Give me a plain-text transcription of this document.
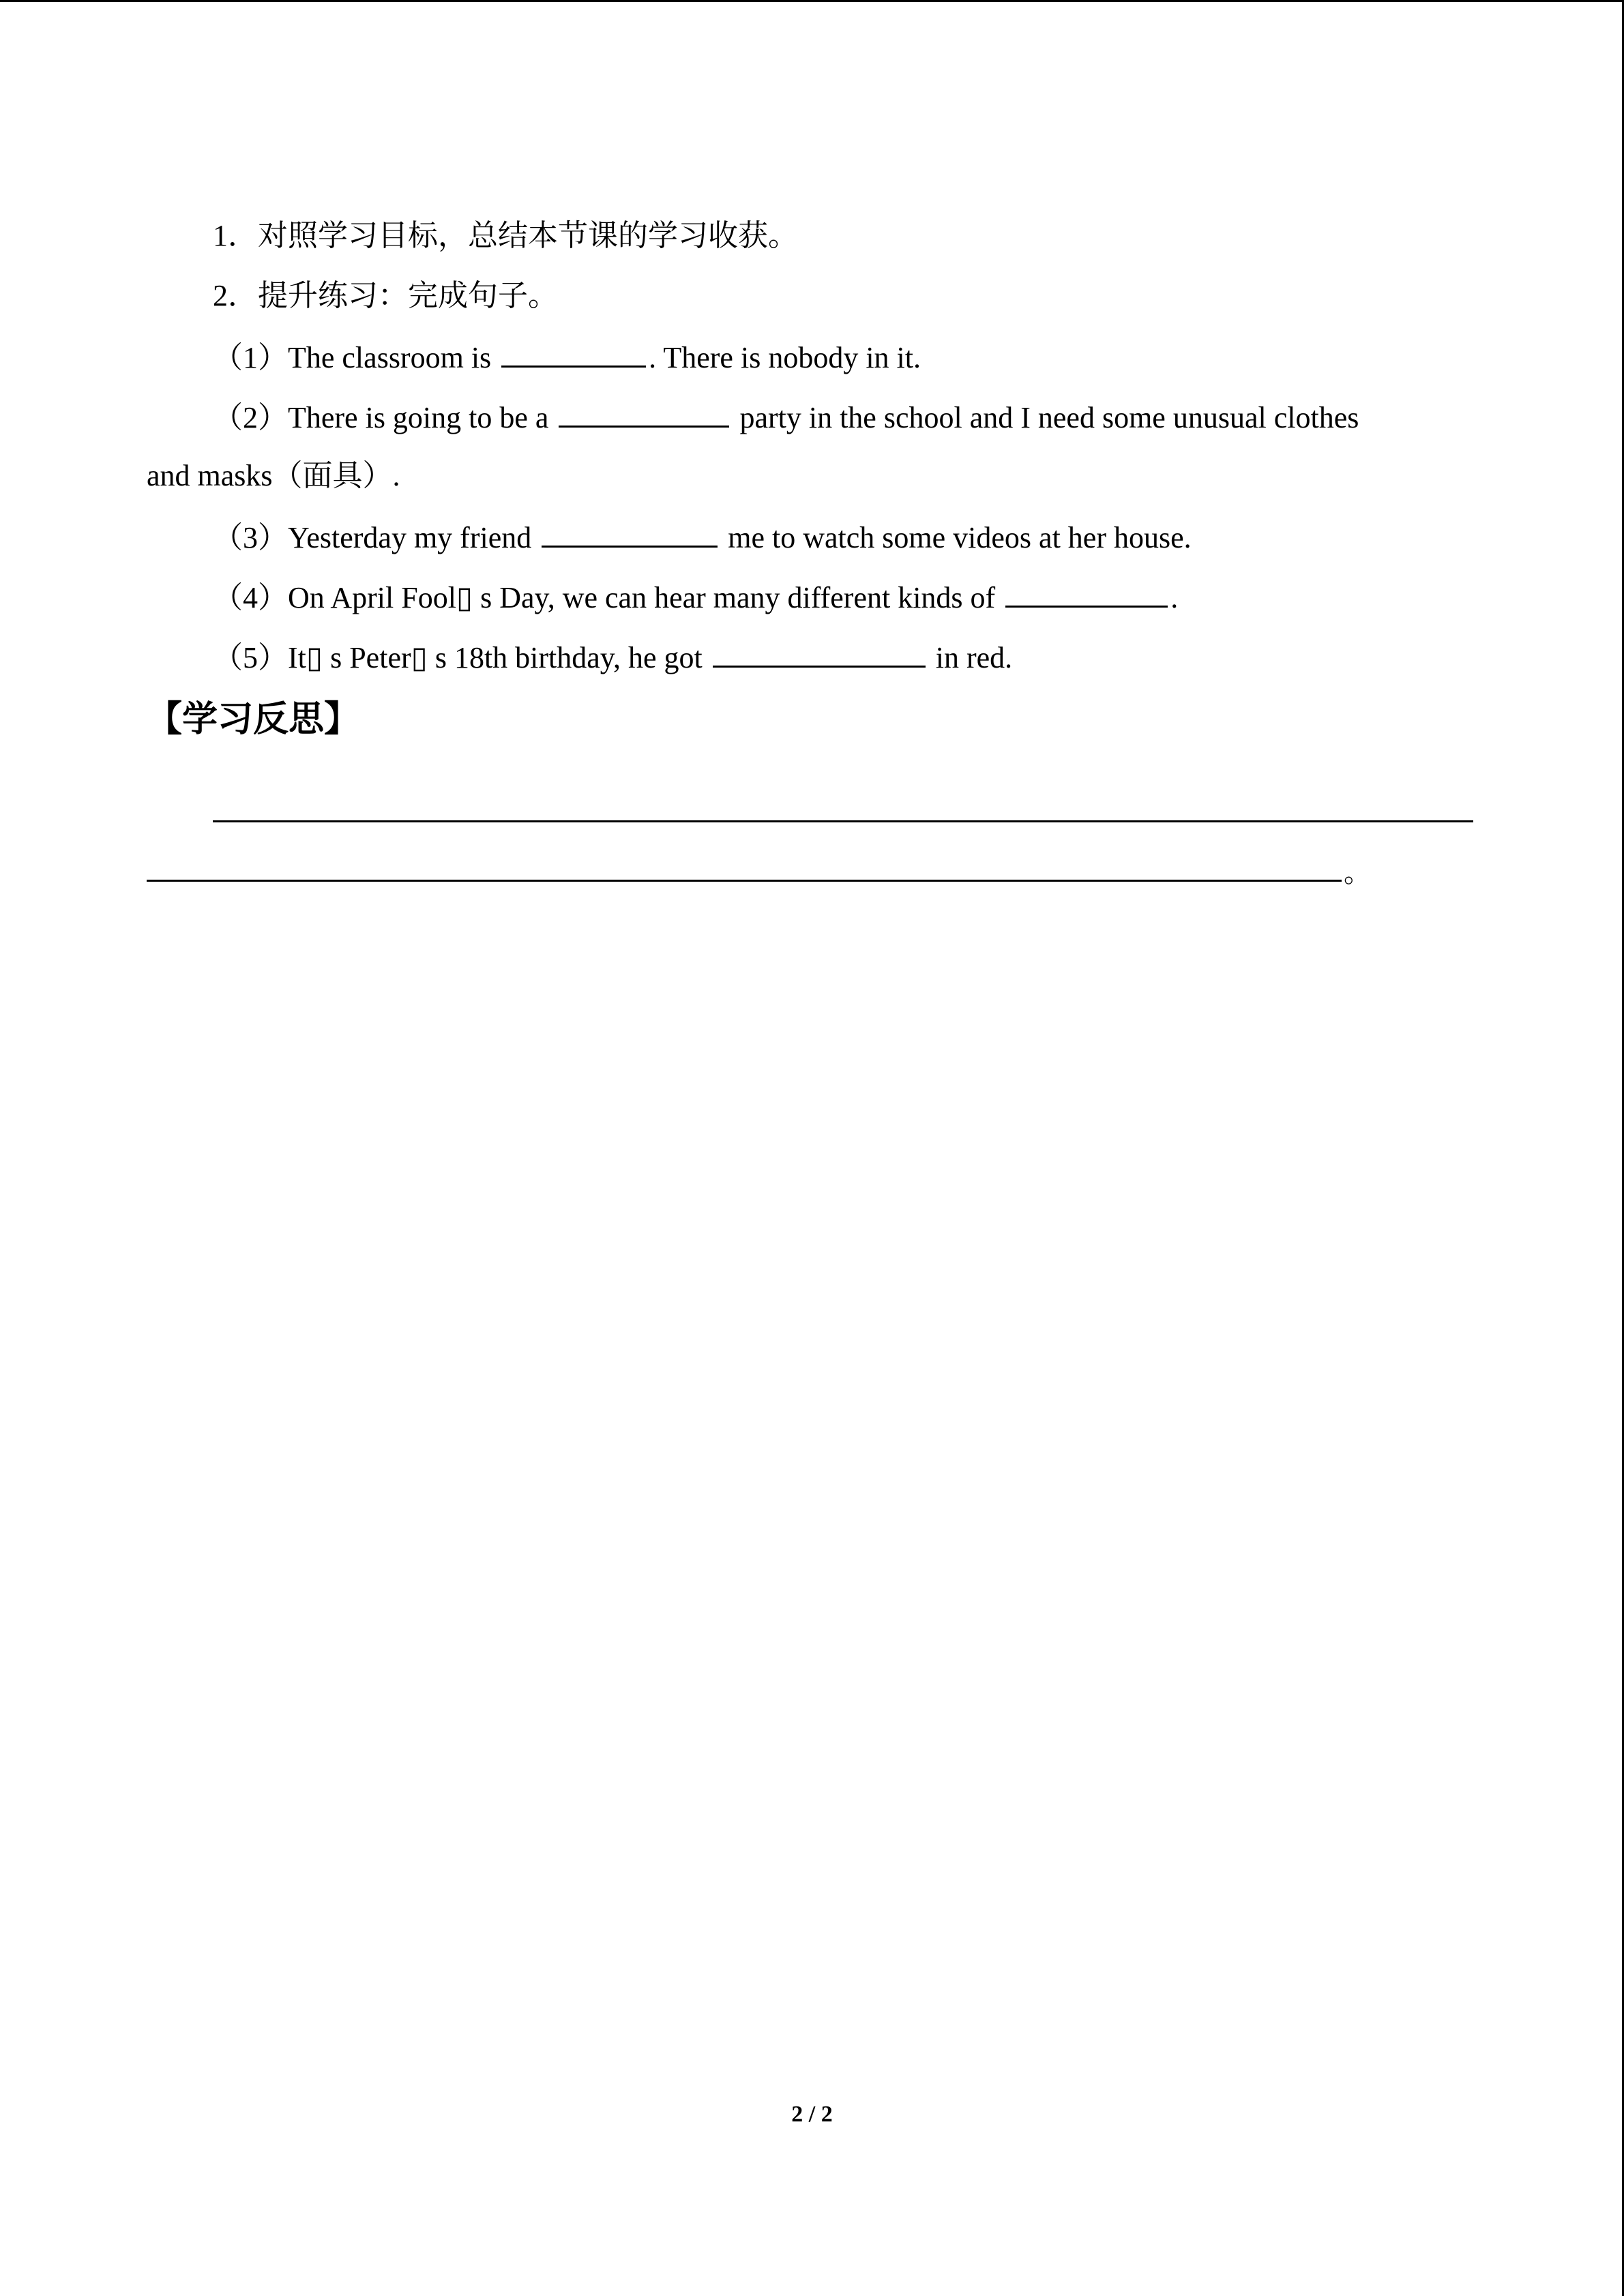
1．对照学习目标，总结本节课的学习收获。
2．提升练习：完成句子。
（1）The classroom is	. There is nobody in it.
（2）There is going to be a	party in the school and I need some unusual clothes
and masks（面具）.
（3）Yesterday my friend	me to watch some videos at her house.
（4）On April Fool▯ s Day, we can hear many different kinds of	.
（5）It▯ s Peter▯ s 18th birthday, he got	in red.
【学习反思】
。
2 / 2
